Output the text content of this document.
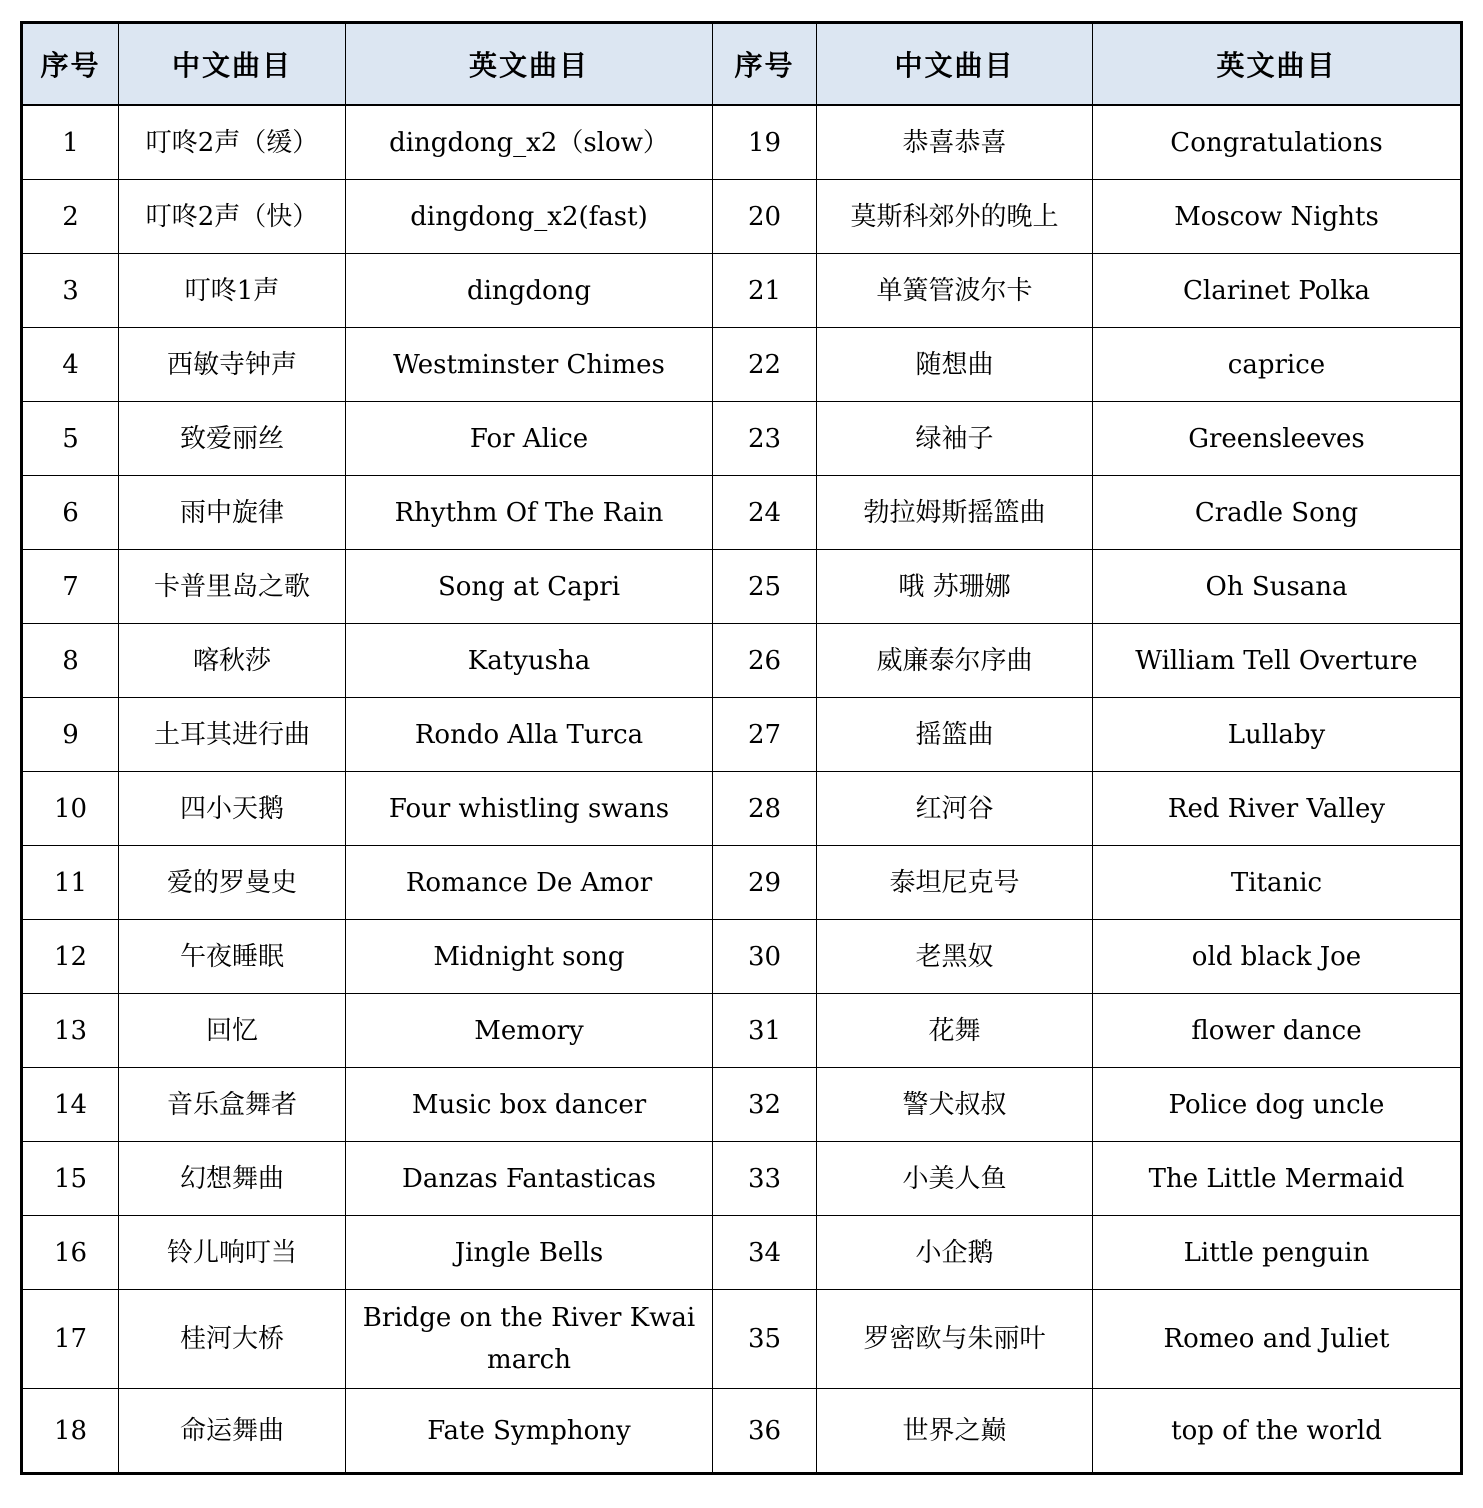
序号	中文曲目	英文曲目	序号	中文曲目	英文曲目
1	叮咚2声（缓）	dingdong_x2（slow）	19	恭喜恭喜	Congratulations
2	叮咚2声（快）	dingdong_x2(fast)	20	莫斯科郊外的晚上	Moscow Nights
3	叮咚1声	dingdong	21	单簧管波尔卡	Clarinet Polka
4	西敏寺钟声	Westminster Chimes	22	随想曲	caprice
5	致爱丽丝	For Alice	23	绿袖子	Greensleeves
6	雨中旋律	Rhythm Of The Rain	24	勃拉姆斯摇篮曲	Cradle Song
7	卡普里岛之歌	Song at Capri	25	哦 苏珊娜	Oh Susana
8	喀秋莎	Katyusha	26	威廉泰尔序曲	William Tell Overture
9	土耳其进行曲	Rondo Alla Turca	27	摇篮曲	Lullaby
10	四小天鹅	Four whistling swans	28	红河谷	Red River Valley
11	爱的罗曼史	Romance De Amor	29	泰坦尼克号	Titanic
12	午夜睡眠	Midnight song	30	老黑奴	old black Joe
13	回忆	Memory	31	花舞	flower dance
14	音乐盒舞者	Music box dancer	32	警犬叔叔	Police dog uncle
15	幻想舞曲	Danzas Fantasticas	33	小美人鱼	The Little Mermaid
16	铃儿响叮当	Jingle Bells	34	小企鹅	Little penguin
17	桂河大桥	Bridge on the River Kwai march	35	罗密欧与朱丽叶	Romeo and Juliet
18	命运舞曲	Fate Symphony	36	世界之巅	top of the world
